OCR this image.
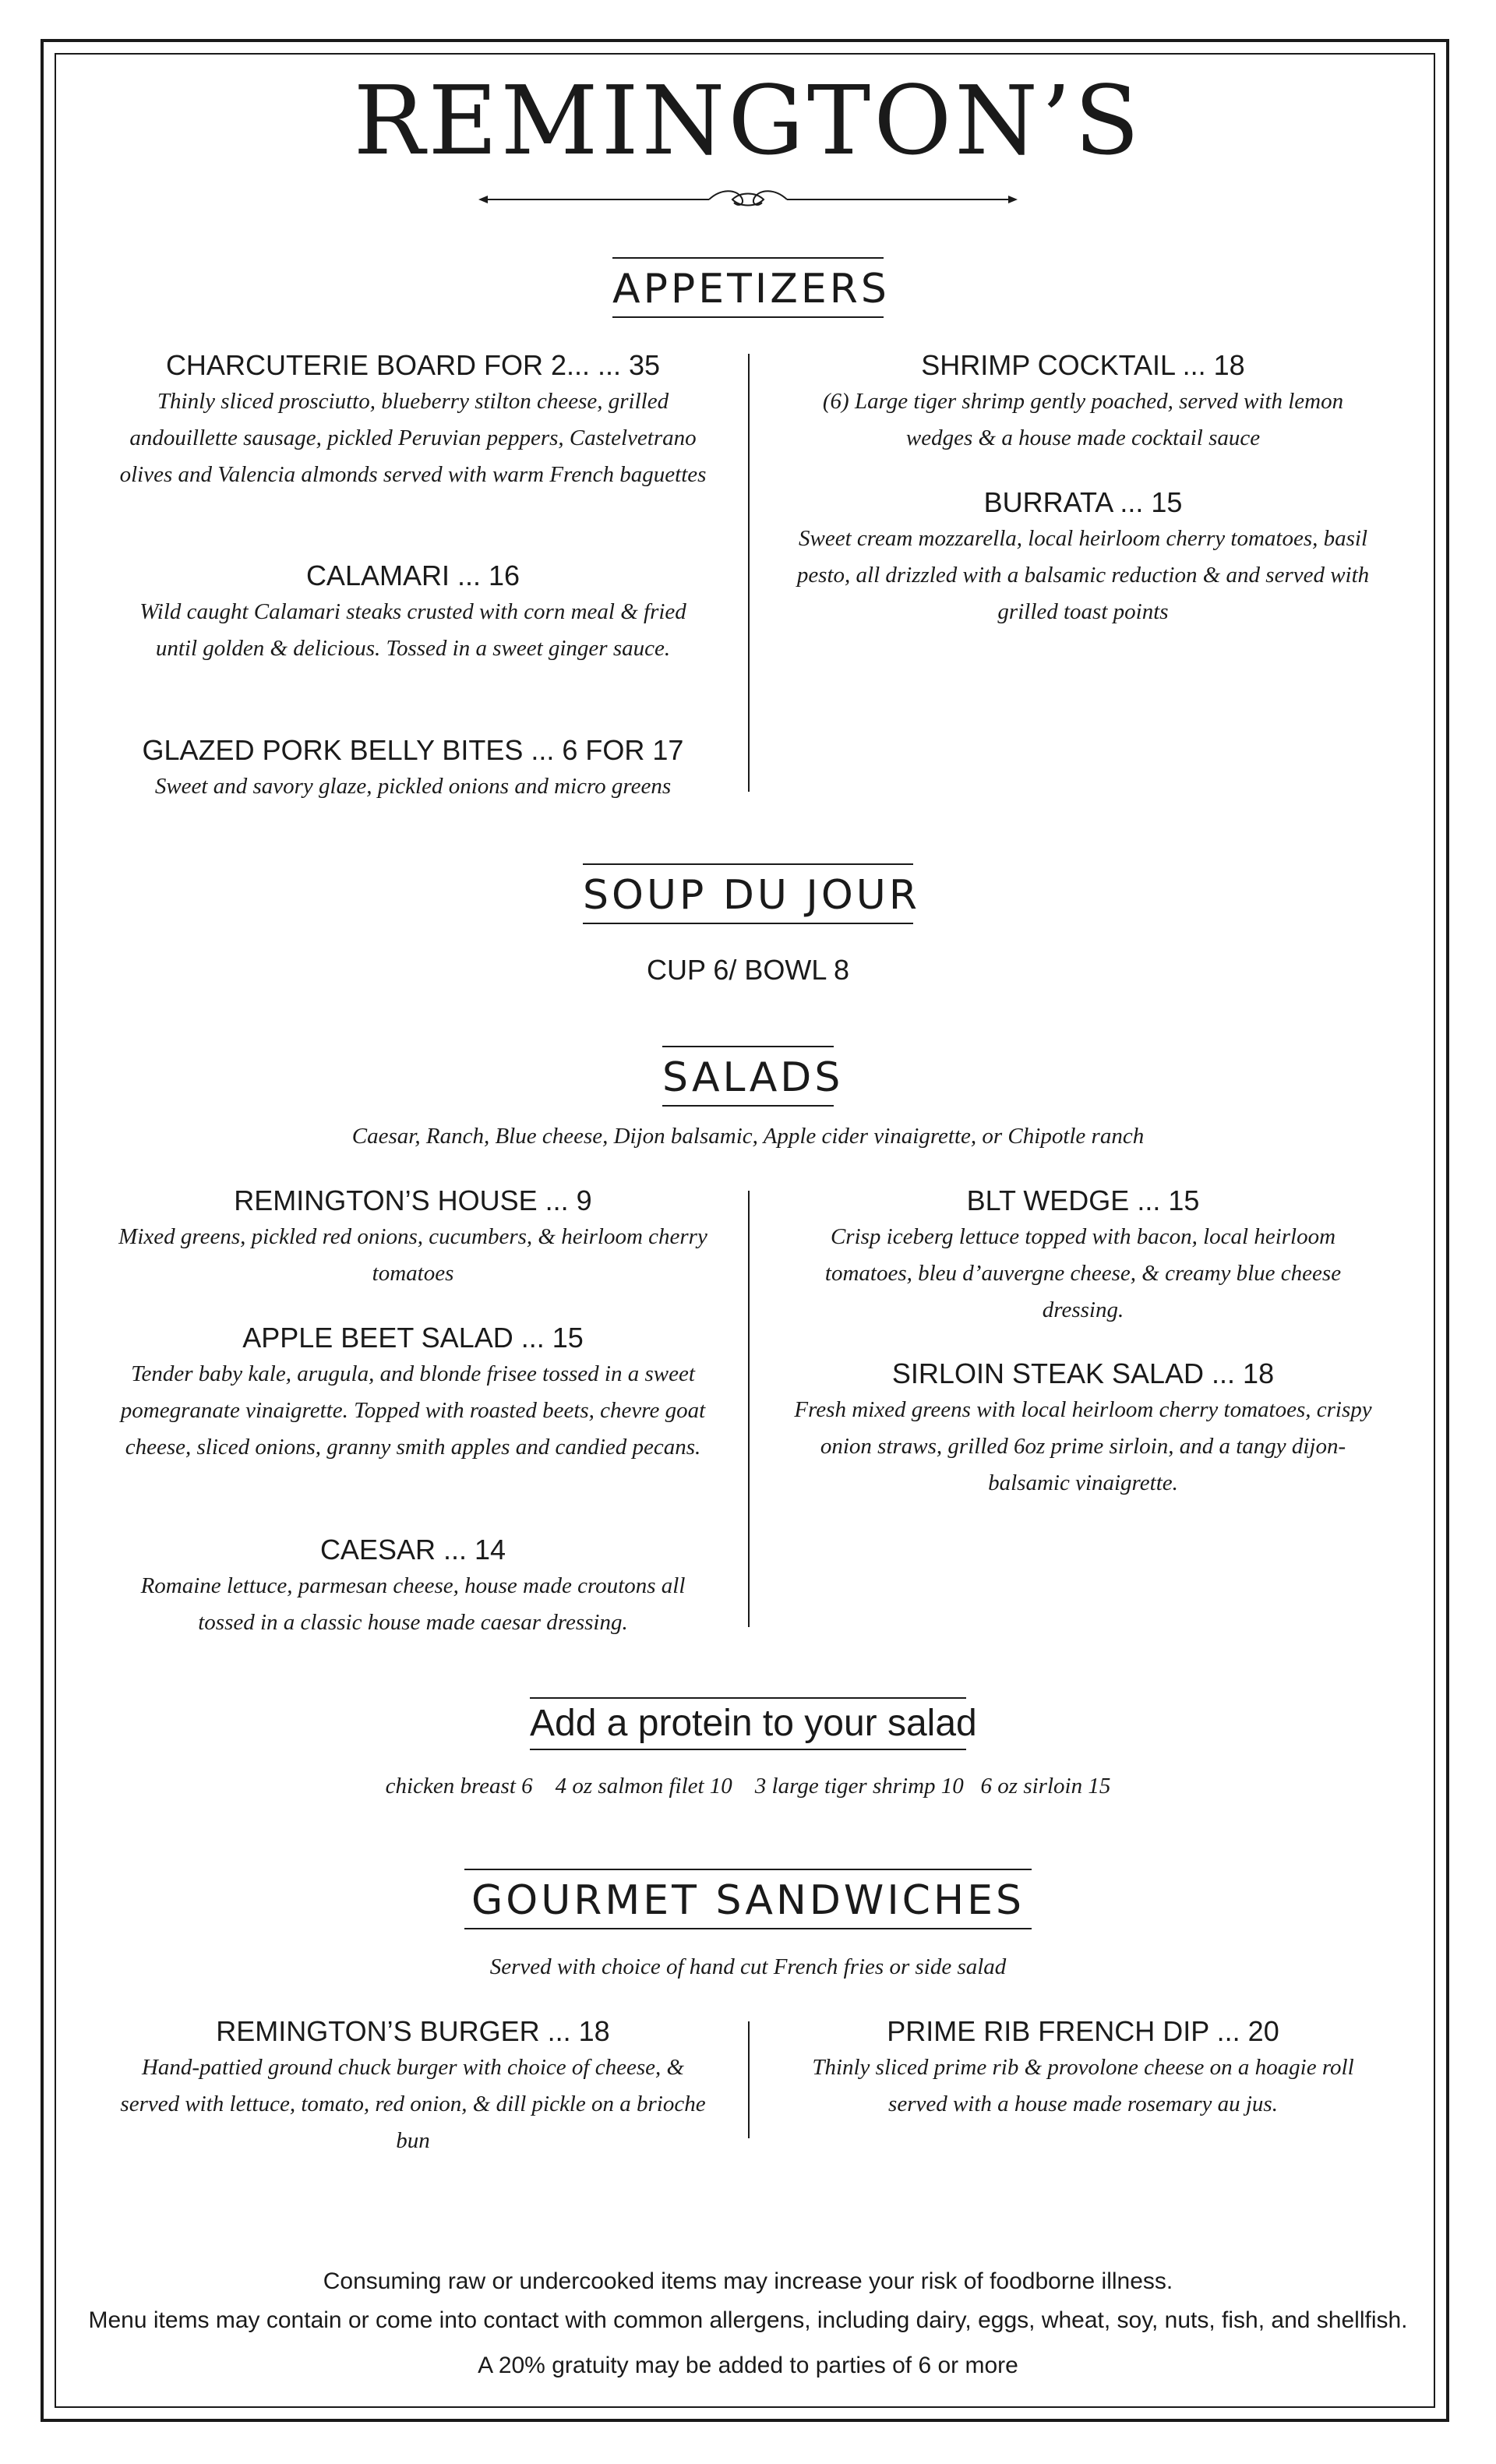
REMINGTON’S
APPETIZERS
CHARCUTERIE BOARD FOR 2... ... 35
Thinly sliced prosciutto, blueberry stilton cheese, grilled andouillette sausage, pickled Peruvian peppers, Castelvetrano olives and Valencia almonds served with warm French baguettes
CALAMARI ... 16
Wild caught Calamari steaks crusted with corn meal & fried until golden & delicious. Tossed in a sweet ginger sauce.
GLAZED PORK BELLY BITES ... 6 FOR 17
Sweet and savory glaze, pickled onions and micro greens
SHRIMP COCKTAIL ... 18
(6) Large tiger shrimp gently poached, served with lemon wedges & a house made cocktail sauce
BURRATA ... 15
Sweet cream mozzarella, local heirloom cherry tomatoes, basil pesto, all drizzled with a balsamic reduction & and served with grilled toast points
SOUP DU JOUR
CUP 6/ BOWL 8
SALADS
Caesar, Ranch, Blue cheese, Dijon balsamic, Apple cider vinaigrette, or Chipotle ranch
REMINGTON’S HOUSE ... 9
Mixed greens, pickled red onions, cucumbers, & heirloom cherry tomatoes
APPLE BEET SALAD ... 15
Tender baby kale, arugula, and blonde frisee tossed in a sweet pomegranate vinaigrette. Topped with roasted beets, chevre goat cheese, sliced onions, granny smith apples and candied pecans.
CAESAR ... 14
Romaine lettuce, parmesan cheese, house made croutons all tossed in a classic house made caesar dressing.
BLT WEDGE ... 15
Crisp iceberg lettuce topped with bacon, local heirloom tomatoes, bleu d’auvergne cheese, & creamy blue cheese dressing.
SIRLOIN STEAK SALAD ... 18
Fresh mixed greens with local heirloom cherry tomatoes, crispy onion straws, grilled 6oz prime sirloin, and a tangy dijon-balsamic vinaigrette.
Add a protein to your salad
chicken breast 6    4 oz salmon filet 10    3 large tiger shrimp 10   6 oz sirloin 15
GOURMET SANDWICHES
Served with choice of hand cut French fries or side salad
REMINGTON’S BURGER ... 18
Hand-pattied ground chuck burger with choice of cheese, & served with lettuce, tomato, red onion, & dill pickle on a brioche bun
PRIME RIB FRENCH DIP ... 20
Thinly sliced prime rib & provolone cheese on a hoagie roll served with a house made rosemary au jus.
Consuming raw or undercooked items may increase your risk of foodborne illness.
Menu items may contain or come into contact with common allergens, including dairy, eggs, wheat, soy, nuts, fish, and shellfish.
A 20% gratuity may be added to parties of 6 or more
